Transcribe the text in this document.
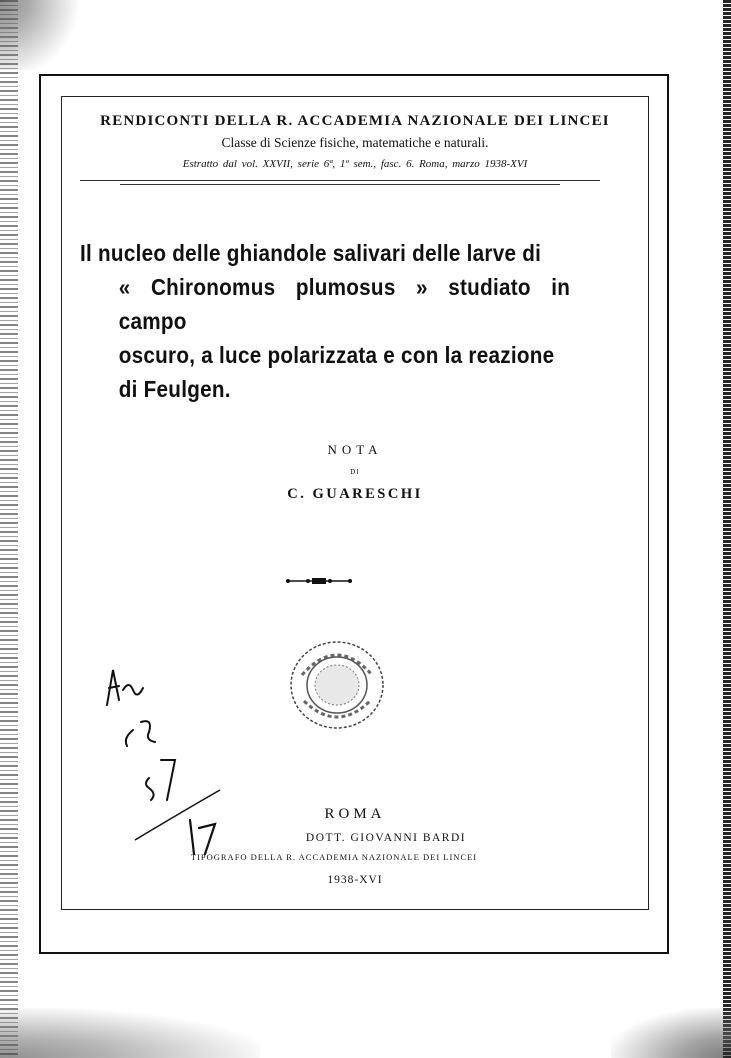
RENDICONTI DELLA R. ACCADEMIA NAZIONALE DEI LINCEI
Classe di Scienze fisiche, matematiche e naturali.
Estratto dal vol. XXVII, serie 6ª, 1º sem., fasc. 6. Roma, marzo 1938-XVI
Il nucleo delle ghiandole salivari delle larve di
« Chironomus plumosus » studiato in campo
oscuro, a luce polarizzata e con la reazione
di Feulgen.
NOTA
DI
C. GUARESCHI
ROMA
DOTT. GIOVANNI BARDI
TIPOGRAFO DELLA R. ACCADEMIA NAZIONALE DEI LINCEI
1938-XVI
